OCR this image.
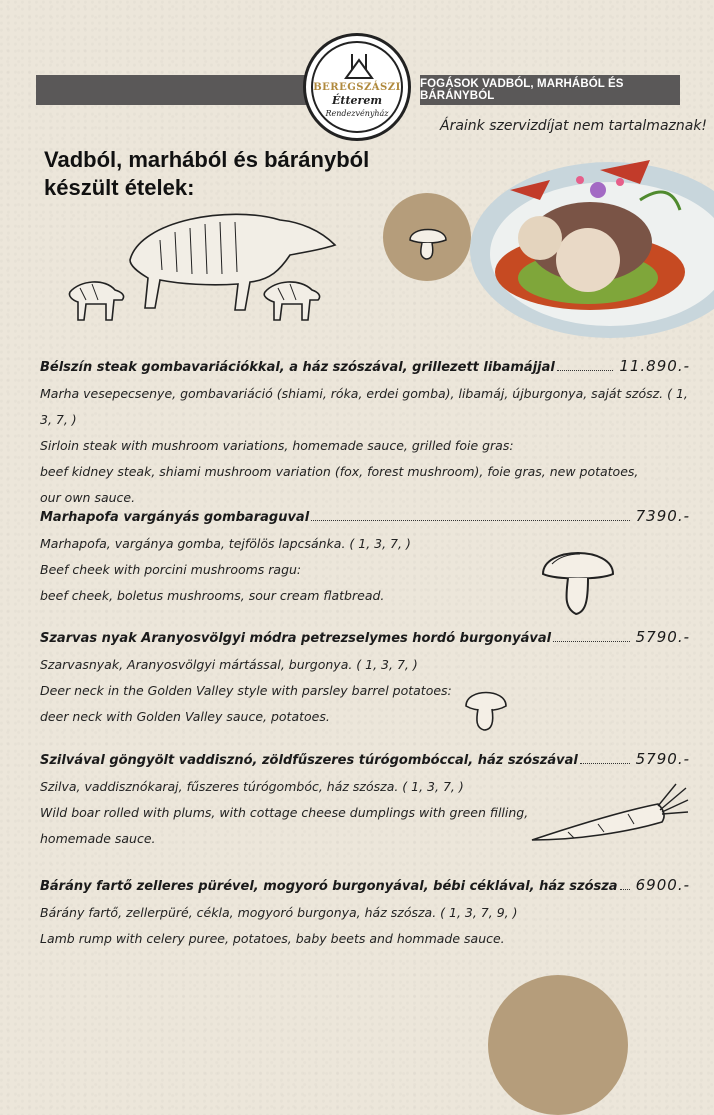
FOGÁSOK VADBÓL, MARHÁBÓL ÉS BÁRÁNYBÓL
BEREGSZÁSZI
Étterem
Rendezvényház
Áraink szervizdíjat nem tartalmaznak!
Vadból, marhából és bárányból
készült ételek:
Bélszín steak gombavariációkkal, a ház szószával, grillezett libamájjal	11.890.-
Marha vesepecsenye, gombavariáció (shiami, róka, erdei gomba), libamáj, újburgonya, saját szósz. ( 1, 3, 7, )
Sirloin steak with mushroom variations, homemade sauce, grilled foie gras:
beef kidney steak, shiami mushroom variation (fox, forest mushroom), foie gras, new potatoes,
our own sauce.
Marhapofa vargányás gombaraguval	7390.-
Marhapofa, vargánya gomba, tejfölös lapcsánka. ( 1, 3, 7, )
Beef cheek with porcini mushrooms ragu:
beef cheek, boletus mushrooms, sour cream flatbread.
Szarvas nyak Aranyosvölgyi módra petrezselymes hordó burgonyával	5790.-
Szarvasnyak, Aranyosvölgyi mártással, burgonya. ( 1, 3, 7, )
Deer neck in the Golden Valley style with parsley barrel potatoes:
deer neck with Golden Valley sauce, potatoes.
Szilvával göngyölt vaddisznó, zöldfűszeres túrógombóccal, ház szószával	5790.-
Szilva, vaddisznókaraj, fűszeres túrógombóc, ház szósza. ( 1, 3, 7, )
Wild boar rolled with plums, with cottage cheese dumplings with green filling,
homemade sauce.
Bárány fartő zelleres pürével, mogyoró burgonyával, bébi céklával, ház szósza 6900.-
Bárány fartő, zellerpüré, cékla, mogyoró burgonya, ház szósza. ( 1, 3, 7, 9, )
Lamb rump with celery puree, potatoes, baby beets and hommade sauce.
